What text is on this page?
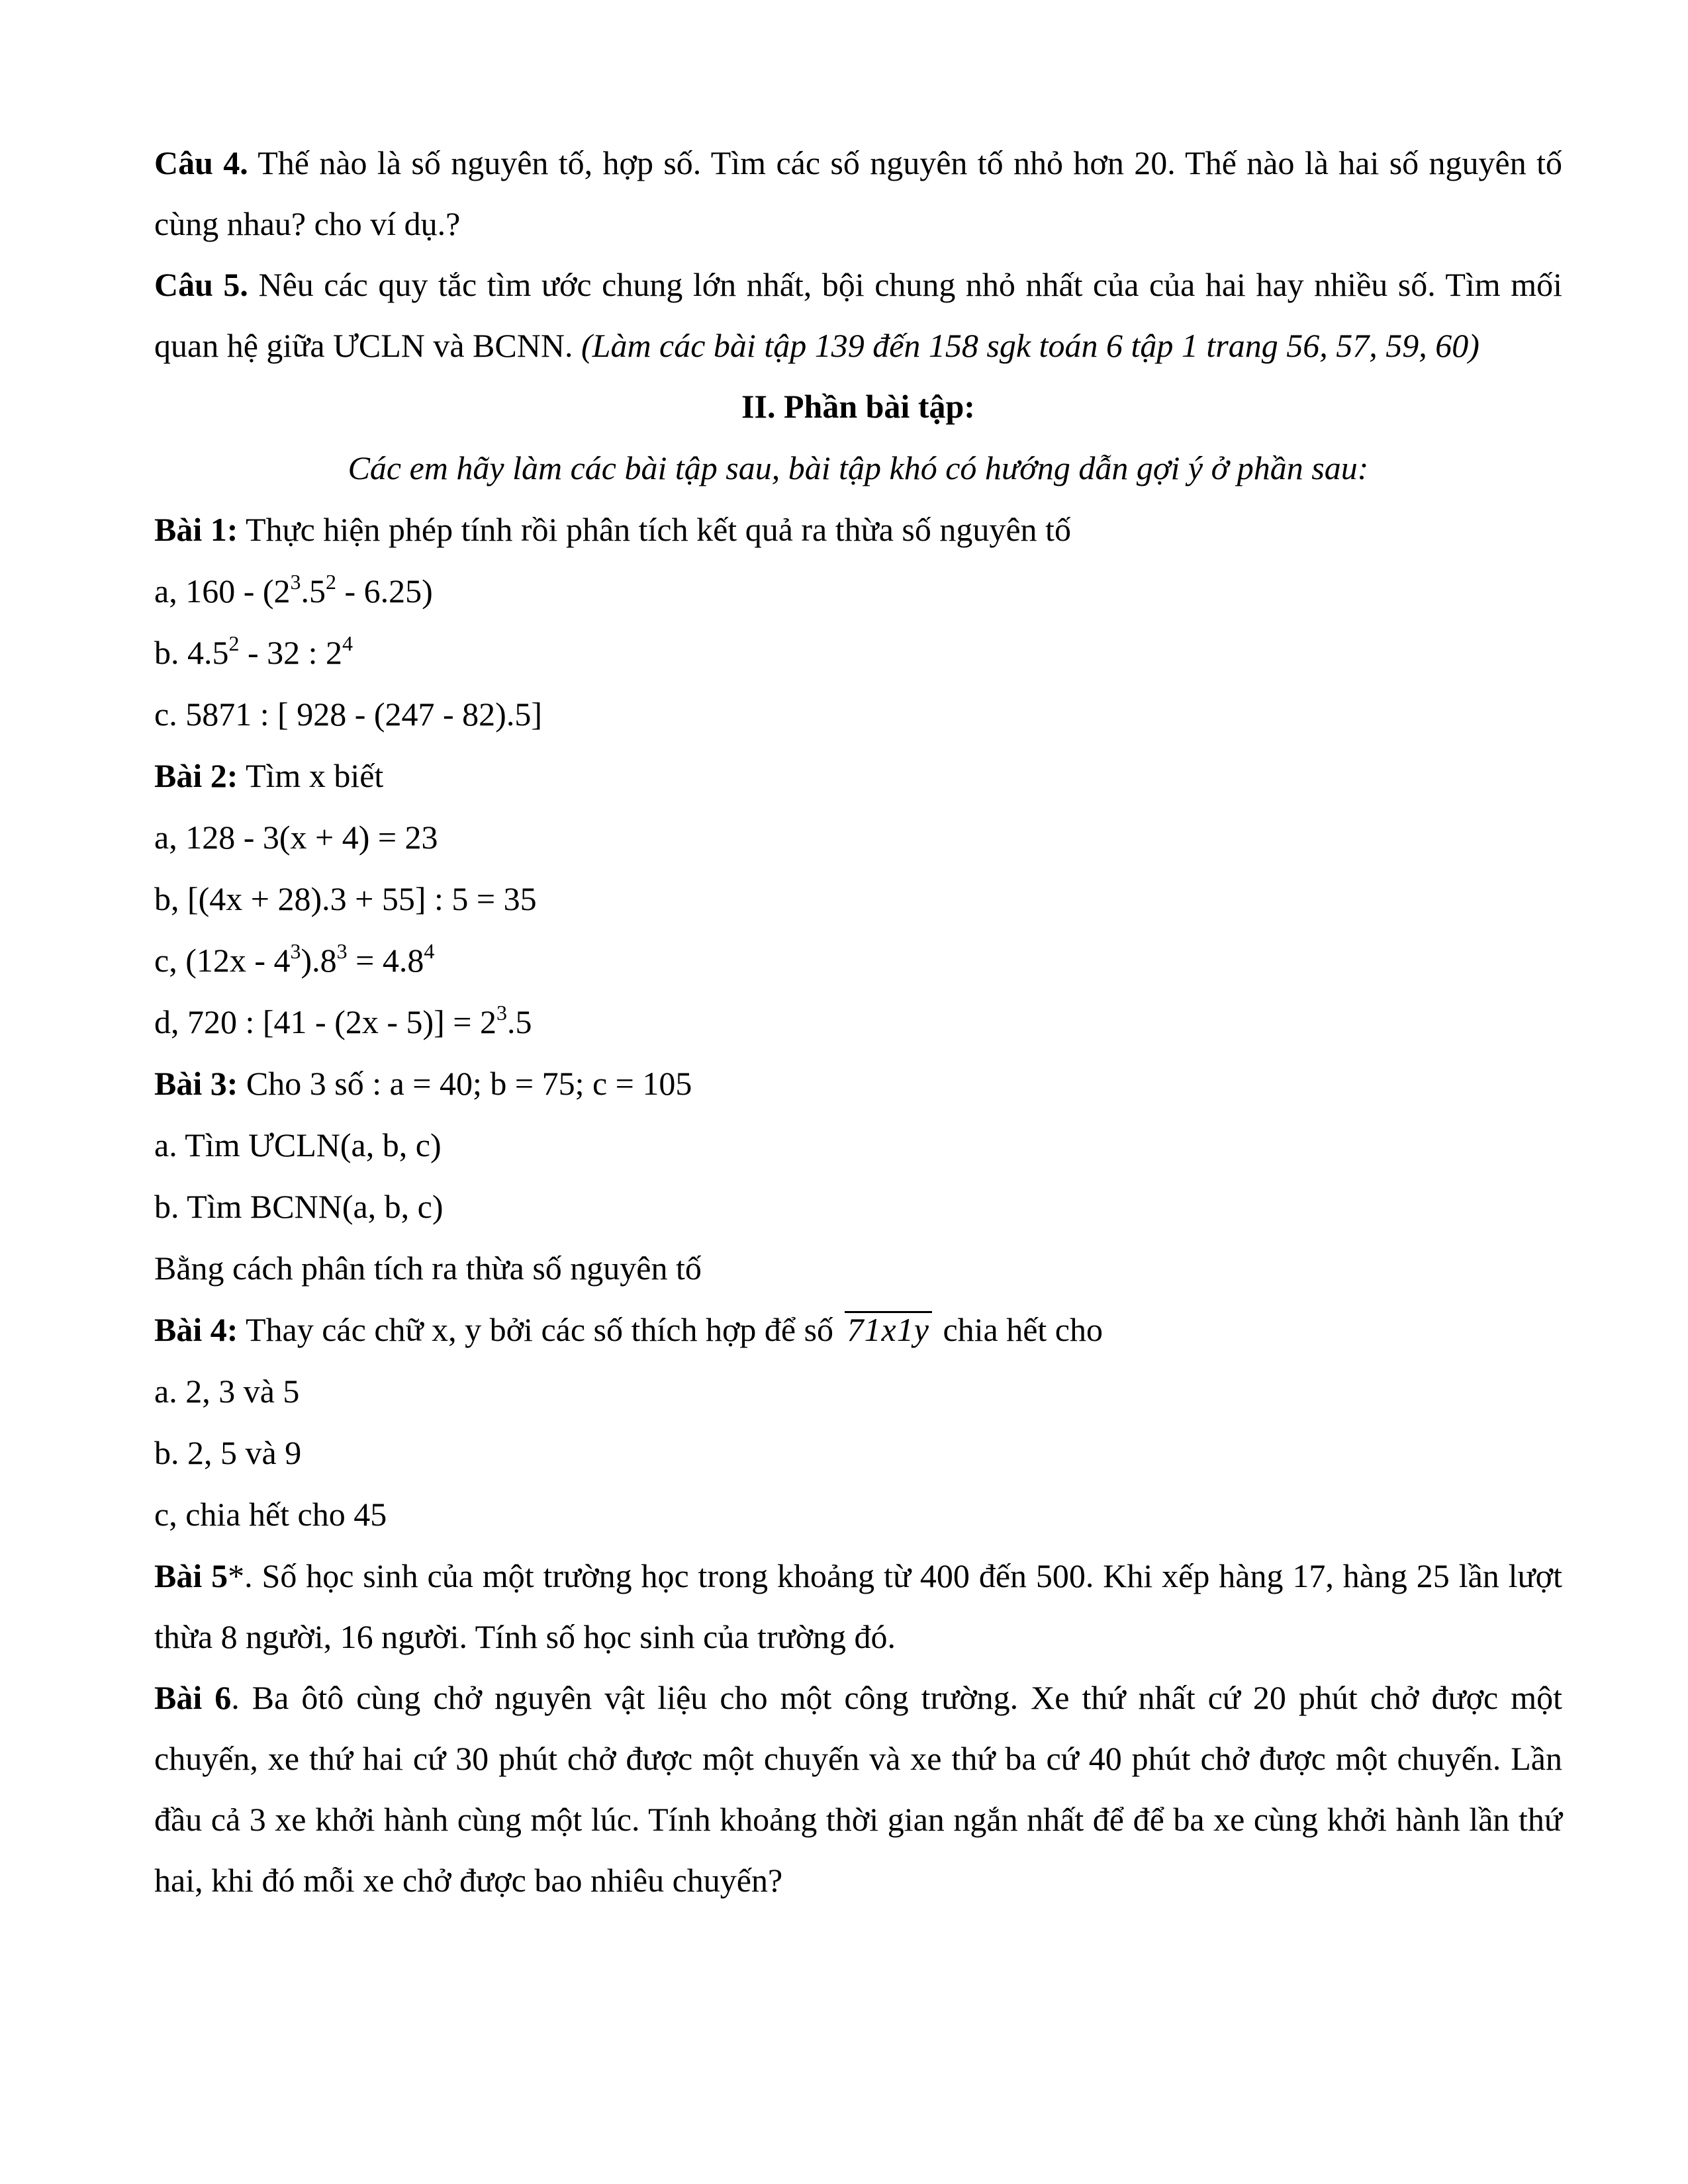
Câu 4. Thế nào là số nguyên tố, hợp số. Tìm các số nguyên tố nhỏ hơn 20. Thế nào là hai số nguyên tố cùng nhau? cho ví dụ.?

Câu 5. Nêu các quy tắc tìm ước chung lớn nhất, bội chung nhỏ nhất của của hai hay nhiều số. Tìm mối quan hệ giữa ƯCLN và BCNN. (Làm các bài tập 139 đến 158 sgk toán 6 tập 1 trang 56, 57, 59, 60)

II. Phần bài tập:

Các em hãy làm các bài tập sau, bài tập khó có hướng dẫn gợi ý ở phần sau:

Bài 1: Thực hiện phép tính rồi phân tích kết quả ra thừa số nguyên tố

a, $160 - (2^3.5^2 - 6.25)$

b. $4.5^2 - 32$ : $2^4$

c. 5871 : [ 928 - (247 - 82).5]

Bài 2: Tìm x biết

a, 128 - 3(x + 4) = 23

b, [(4x + 28).3 + 55] : 5 = 35

c, $(12x - 4^3).8^3 = 4.8^4$

d, 720 : $[41 - (2x - 5)] = 2^3.5$

Bài 3: Cho 3 số : a = 40; b = 75; c = 105

a. Tìm ƯCLN(a, b, c)

b. Tìm BCNN(a, b, c)

Bằng cách phân tích ra thừa số nguyên tố

Bài 4: Thay các chữ x, y bởi các số thích hợp để số 71x1y chia hết cho

a. 2, 3 và 5

b. 2, 5 và 9

c, chia hết cho 45

Bài 5*. Số học sinh của một trường học trong khoảng từ 400 đến 500. Khi xếp hàng 17, hàng 25 lần lượt thừa 8 người, 16 người. Tính số học sinh của trường đó.

Bài 6. Ba ôtô cùng chở nguyên vật liệu cho một công trường. Xe thứ nhất cứ 20 phút chở được một chuyến, xe thứ hai cứ 30 phút chở được một chuyến và xe thứ ba cứ 40 phút chở được một chuyến. Lần đầu cả 3 xe khởi hành cùng một lúc. Tính khoảng thời gian ngắn nhất để để ba xe cùng khởi hành lần thứ hai, khi đó mỗi xe chở được bao nhiêu chuyến?
